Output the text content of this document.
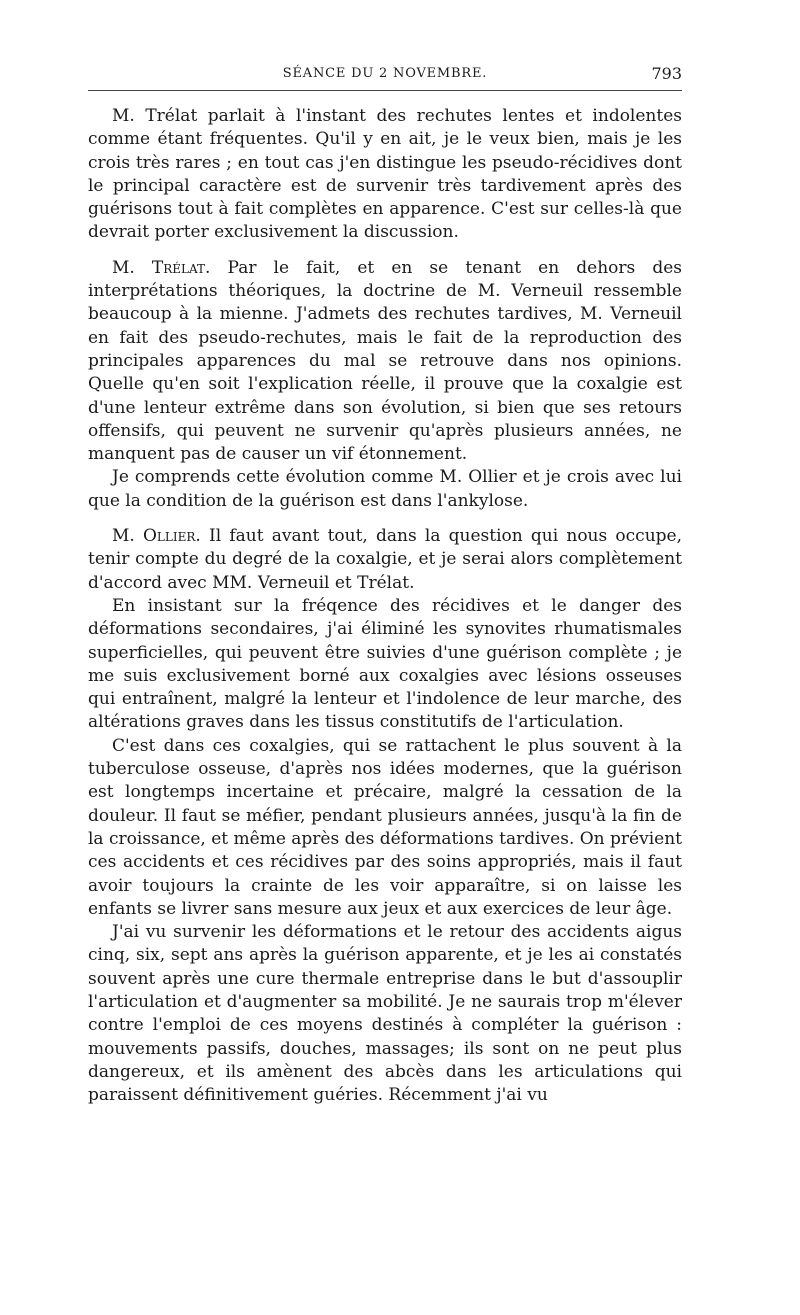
SÉANCE DU 2 NOVEMBRE.	793

M. Trélat parlait à l'instant des rechutes lentes et indolentes comme étant fréquentes. Qu'il y en ait, je le veux bien, mais je les crois très rares ; en tout cas j'en distingue les pseudo-récidives dont le principal caractère est de survenir très tardivement après des guérisons tout à fait complètes en apparence. C'est sur celles-là que devrait porter exclusivement la discussion.

M. Trélat. Par le fait, et en se tenant en dehors des interprétations théoriques, la doctrine de M. Verneuil ressemble beaucoup à la mienne. J'admets des rechutes tardives, M. Verneuil en fait des pseudo-rechutes, mais le fait de la reproduction des principales apparences du mal se retrouve dans nos opinions. Quelle qu'en soit l'explication réelle, il prouve que la coxalgie est d'une lenteur extrême dans son évolution, si bien que ses retours offensifs, qui peuvent ne survenir qu'après plusieurs années, ne manquent pas de causer un vif étonnement.

Je comprends cette évolution comme M. Ollier et je crois avec lui que la condition de la guérison est dans l'ankylose.

M. Ollier. Il faut avant tout, dans la question qui nous occupe, tenir compte du degré de la coxalgie, et je serai alors complètement d'accord avec MM. Verneuil et Trélat.

En insistant sur la fréqence des récidives et le danger des déformations secondaires, j'ai éliminé les synovites rhumatismales superficielles, qui peuvent être suivies d'une guérison complète ; je me suis exclusivement borné aux coxalgies avec lésions osseuses qui entraînent, malgré la lenteur et l'indolence de leur marche, des altérations graves dans les tissus constitutifs de l'articulation.

C'est dans ces coxalgies, qui se rattachent le plus souvent à la tuberculose osseuse, d'après nos idées modernes, que la guérison est longtemps incertaine et précaire, malgré la cessation de la douleur. Il faut se méfier, pendant plusieurs années, jusqu'à la fin de la croissance, et même après des déformations tardives. On prévient ces accidents et ces récidives par des soins appropriés, mais il faut avoir toujours la crainte de les voir apparaître, si on laisse les enfants se livrer sans mesure aux jeux et aux exercices de leur âge.

J'ai vu survenir les déformations et le retour des accidents aigus cinq, six, sept ans après la guérison apparente, et je les ai constatés souvent après une cure thermale entreprise dans le but d'assouplir l'articulation et d'augmenter sa mobilité. Je ne saurais trop m'élever contre l'emploi de ces moyens destinés à compléter la guérison : mouvements passifs, douches, massages; ils sont on ne peut plus dangereux, et ils amènent des abcès dans les articulations qui paraissent définitivement guéries. Récemment j'ai vu
